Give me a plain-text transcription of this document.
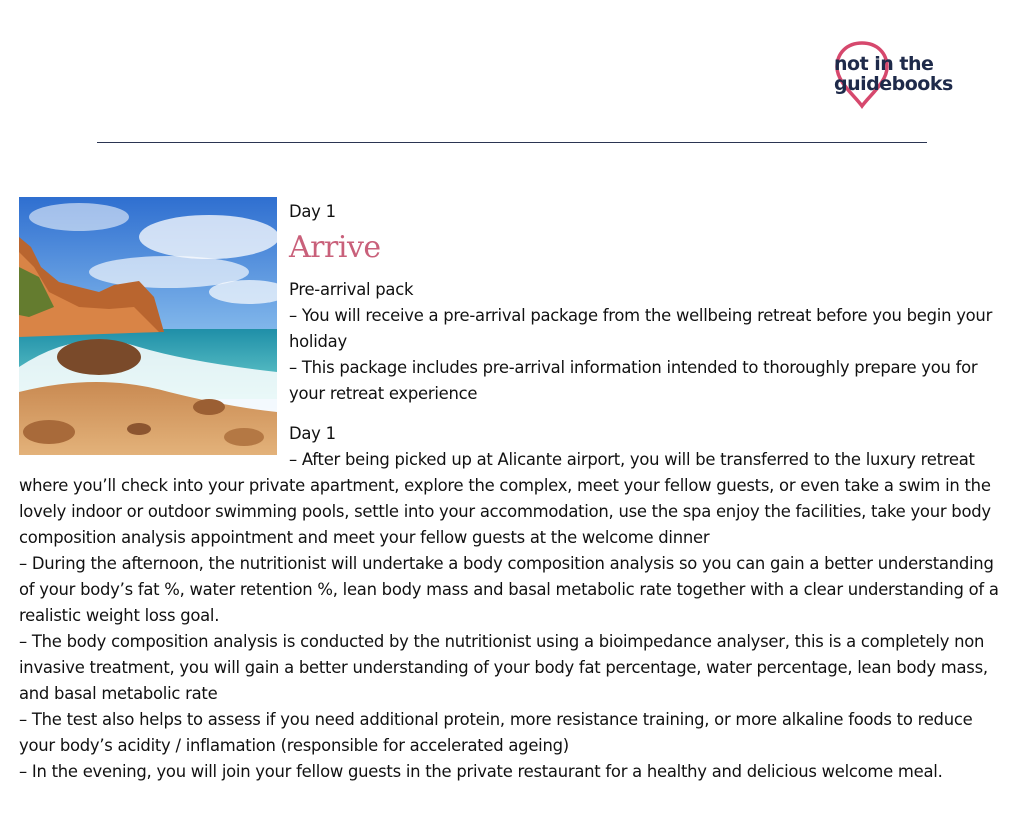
not in the
guidebooks
Day 1
Arrive
Pre-arrival pack
– You will receive a pre-arrival package from the wellbeing retreat before you begin your holiday
– This package includes pre-arrival information intended to thoroughly prepare you for your retreat experience
Day 1
– After being picked up at Alicante airport, you will be transferred to the luxury retreat where you’ll check into your private apartment, explore the complex, meet your fellow guests, or even take a swim in the lovely indoor or outdoor swimming pools, settle into your accommodation, use the spa enjoy the facilities, take your body composition analysis appointment and meet your fellow guests at the welcome dinner
– During the afternoon, the nutritionist will undertake a body composition analysis so you can gain a better understanding of your body’s fat %, water retention %, lean body mass and basal metabolic rate together with a clear understanding of a realistic weight loss goal.
– The body composition analysis is conducted by the nutritionist using a bioimpedance analyser, this is a completely non invasive treatment, you will gain a better understanding of your body fat percentage, water percentage, lean body mass, and basal metabolic rate
– The test also helps to assess if you need additional protein, more resistance training, or more alkaline foods to reduce your body’s acidity / inflamation (responsible for accelerated ageing)
– In the evening, you will join your fellow guests in the private restaurant for a healthy and delicious welcome meal.
